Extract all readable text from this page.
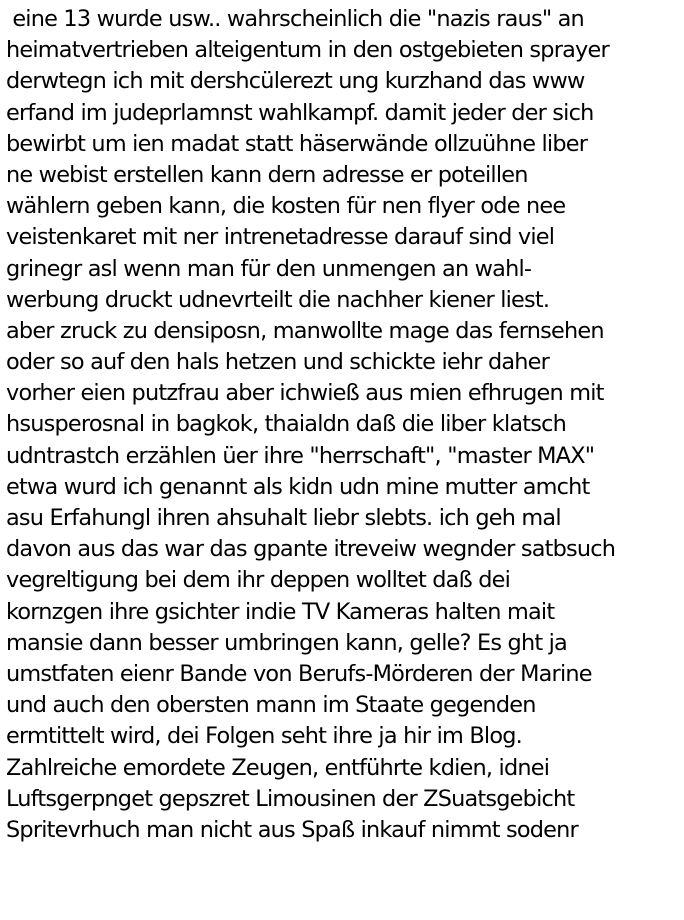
eine 13 wurde usw.. wahrscheinlich die "nazis raus" an
heimatvertrieben alteigentum in den ostgebieten sprayer
derwtegn ich mit dershcülerezt ung kurzhand das www
erfand im judeprlamnst wahlkampf. damit jeder der sich
bewirbt um ien madat statt häserwände ollzuühne liber
ne webist erstellen kann dern adresse er poteillen
wählern geben kann, die kosten für nen flyer ode nee
veistenkaret mit ner intrenetadresse darauf sind viel
grinegr asl wenn man für den unmengen an wahl-
werbung druckt udnevrteilt die nachher kiener liest.
aber zruck zu densiposn, manwollte mage das fernsehen
oder so auf den hals hetzen und schickte iehr daher
vorher eien putzfrau aber ichwieß aus mien efhrugen mit
hsusperosnal in bagkok, thaialdn daß die liber klatsch
udntrastch erzählen üer ihre "herrschaft", "master MAX"
etwa wurd ich genannt als kidn udn mine mutter amcht
asu Erfahungl ihren ahsuhalt liebr slebts. ich geh mal
davon aus das war das gpante itreveiw wegnder satbsuch
vegreltigung bei dem ihr deppen wolltet daß dei
kornzgen ihre gsichter indie TV Kameras halten mait
mansie dann besser umbringen kann, gelle? Es ght ja
umstfaten eienr Bande von Berufs-Mörderen der Marine
und auch den obersten mann im Staate gegenden
ermtittelt wird, dei Folgen seht ihre ja hir im Blog.
Zahlreiche emordete Zeugen, entführte kdien, idnei
Luftsgerpnget gepszret Limousinen der ZSuatsgebicht
Spritevrhuch man nicht aus Spaß inkauf nimmt sodenr
